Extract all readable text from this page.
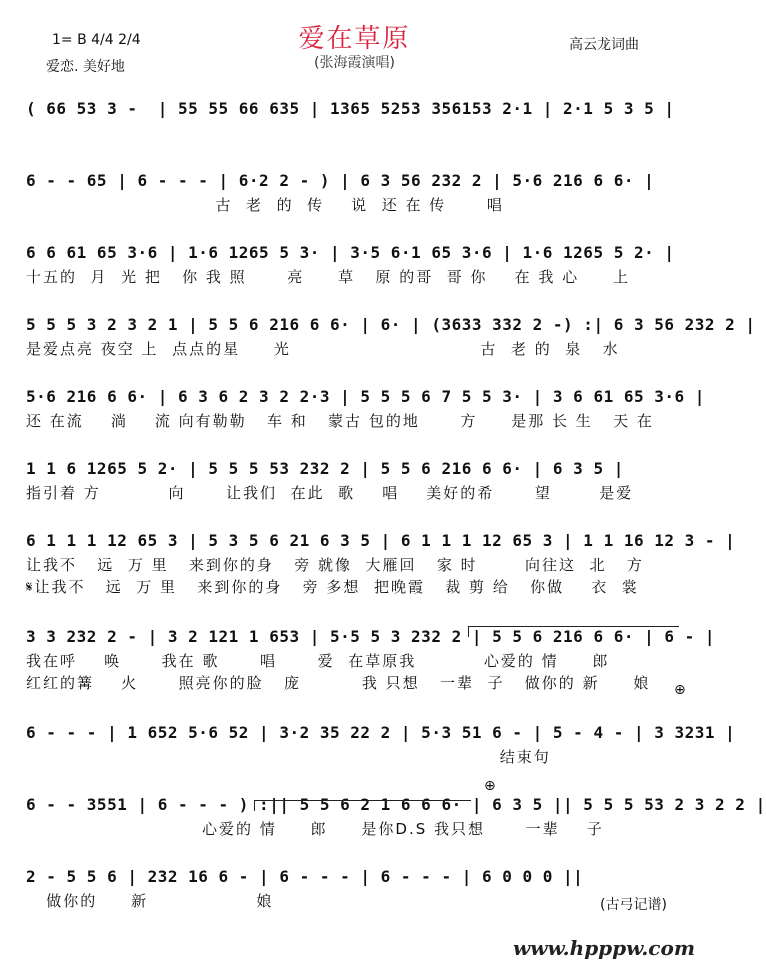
爱在草原
(张海霞演唱)
1= B 4/4 2/4
爱恋. 美好地
高云龙词曲
( 66 53 3 -  | 55 55 66 635 | 1365 5253 356153 2·1 | 2·1 5 3 5 |
6 - - 65 | 6 - - - | 6·2 2 - ) | 6 3 56 232 2 | 5·6 216 6 6· |
古  老  的  传    说  还 在 传      唱
6 6 61 65 3·6 | 1·6 1265 5 3· | 3·5 6·1 65 3·6 | 1·6 1265 5 2· |
十五的  月  光 把   你 我 照      亮     草   原 的哥  哥 你    在 我 心     上
5 5 5 3 2 3 2 1 | 5 5 6 216 6 6· | 6· | (3633 332 2 -) :| 6 3 56 232 2 |
是爱点亮 夜空 上  点点的星     光                            古  老 的  泉   水
5·6 216 6 6· | 6 3 6 2 3 2 2·3 | 5 5 5 6 7 5 5 3· | 3 6 61 65 3·6 |
还 在流    淌    流 向有勒勒   车 和   蒙古 包的地      方     是那 长 生   天 在
1 1 6 1265 5 2· | 5 5 5 53 232 2 | 5 5 6 216 6 6· | 6 3 5 |
指引着 方          向      让我们  在此  歌    唱    美好的希      望       是爱
6 1 1 1 12 65 3 | 5 3 5 6 21 6 3 5 | 6 1 1 1 12 65 3 | 1 1 16 12 3 - |
让我不   远  万 里   来到你的身   旁 就像  大雁回   家 时       向往这  北   方
𝄋让我不   远  万 里   来到你的身   旁 多想  把晚霞   裁 剪 给   你做    衣  裳
3 3 232 2 - | 3 2 121 1 653 | 5·5 5 3 232 2 | 5 5 6 216 6 6· | 6 - |
我在呼    唤      我在 歌      唱      爱  在草原我          心爱的 情     郎
红红的篝    火      照亮你的脸   庞         我 只想   一辈  子   做你的 新     娘
6 - - - | 1 652 5·6 52 | 3·2 35 22 2 | 5·3 51 6 - | 5 - 4 - | 3 3231 |
结束句
6 - - 3551 | 6 - - - ) :|| 5 5 6 2 1 6 6 6· | 6 3 5 || 5 5 5 53 2 3 2 2 |
心爱的 情     郎     是你D.S 我只想      一辈    子
2 - 5 5 6 | 232 16 6 - | 6 - - - | 6 - - - | 6 0 0 0 ||
做你的     新                娘
⊕
⊕
(古弓记谱)
www.hpppw.com
